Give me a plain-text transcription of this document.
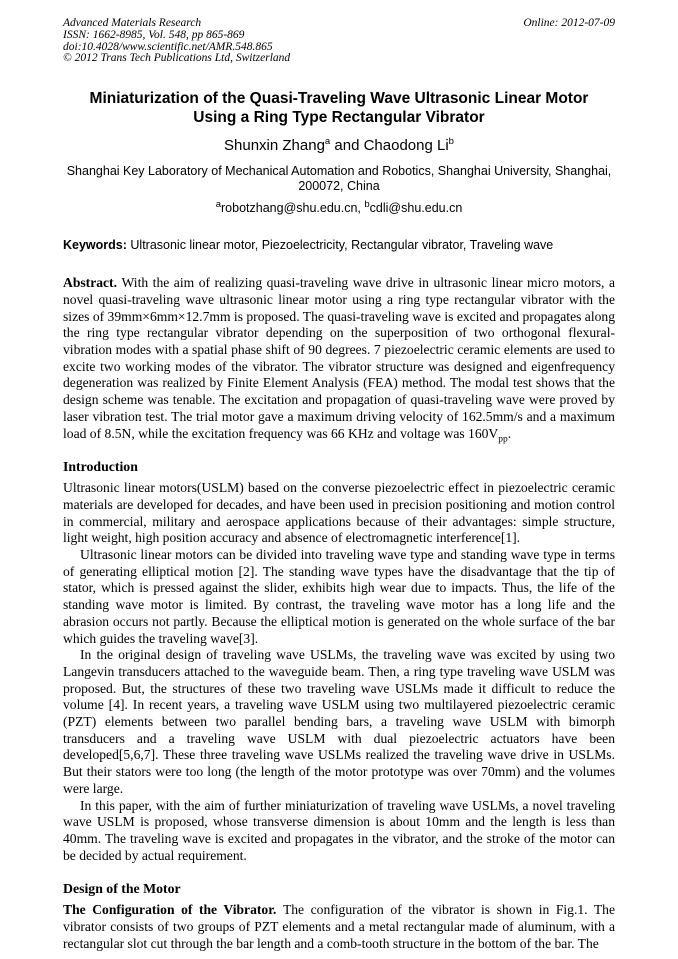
Advanced Materials Research
ISSN: 1662-8985, Vol. 548, pp 865-869
doi:10.4028/www.scientific.net/AMR.548.865
© 2012 Trans Tech Publications Ltd, Switzerland
Online: 2012-07-09
Miniaturization of the Quasi-Traveling Wave Ultrasonic Linear Motor
Using a Ring Type Rectangular Vibrator
Shunxin Zhang$^a$ and Chaodong Li$^b$
Shanghai Key Laboratory of Mechanical Automation and Robotics, Shanghai University, Shanghai, 200072, China
$^a$robotzhang@shu.edu.cn, $^b$cdli@shu.edu.cn
Keywords: Ultrasonic linear motor, Piezoelectricity, Rectangular vibrator, Traveling wave

Abstract. With the aim of realizing quasi-traveling wave drive in ultrasonic linear micro motors, a novel quasi-traveling wave ultrasonic linear motor using a ring type rectangular vibrator with the sizes of 39mm×6mm×12.7mm is proposed. The quasi-traveling wave is excited and propagates along the ring type rectangular vibrator depending on the superposition of two orthogonal flexural-vibration modes with a spatial phase shift of 90 degrees. 7 piezoelectric ceramic elements are used to excite two working modes of the vibrator. The vibrator structure was designed and eigenfrequency degeneration was realized by Finite Element Analysis (FEA) method. The modal test shows that the design scheme was tenable. The excitation and propagation of quasi-traveling wave were proved by laser vibration test. The trial motor gave a maximum driving velocity of 162.5mm/s and a maximum load of 8.5N, while the excitation frequency was 66 KHz and voltage was $160V_{pp}$.

Introduction

Ultrasonic linear motors(USLM) based on the converse piezoelectric effect in piezoelectric ceramic materials are developed for decades, and have been used in precision positioning and motion control in commercial, military and aerospace applications because of their advantages: simple structure, light weight, high position accuracy and absence of electromagnetic interference[1].

Ultrasonic linear motors can be divided into traveling wave type and standing wave type in terms of generating elliptical motion [2]. The standing wave types have the disadvantage that the tip of stator, which is pressed against the slider, exhibits high wear due to impacts. Thus, the life of the standing wave motor is limited. By contrast, the traveling wave motor has a long life and the abrasion occurs not partly. Because the elliptical motion is generated on the whole surface of the bar which guides the traveling wave[3].

In the original design of traveling wave USLMs, the traveling wave was excited by using two Langevin transducers attached to the waveguide beam. Then, a ring type traveling wave USLM was proposed. But, the structures of these two traveling wave USLMs made it difficult to reduce the volume [4]. In recent years, a traveling wave USLM using two multilayered piezoelectric ceramic (PZT) elements between two parallel bending bars, a traveling wave USLM with bimorph transducers and a traveling wave USLM with dual piezoelectric actuators have been developed[5,6,7]. These three traveling wave USLMs realized the traveling wave drive in USLMs. But their stators were too long (the length of the motor prototype was over 70mm) and the volumes were large.

In this paper, with the aim of further miniaturization of traveling wave USLMs, a novel traveling wave USLM is proposed, whose transverse dimension is about 10mm and the length is less than 40mm. The traveling wave is excited and propagates in the vibrator, and the stroke of the motor can be decided by actual requirement.

Design of the Motor

The Configuration of the Vibrator. The configuration of the vibrator is shown in Fig.1. The vibrator consists of two groups of PZT elements and a metal rectangular made of aluminum, with a rectangular slot cut through the bar length and a comb-tooth structure in the bottom of the bar. The
